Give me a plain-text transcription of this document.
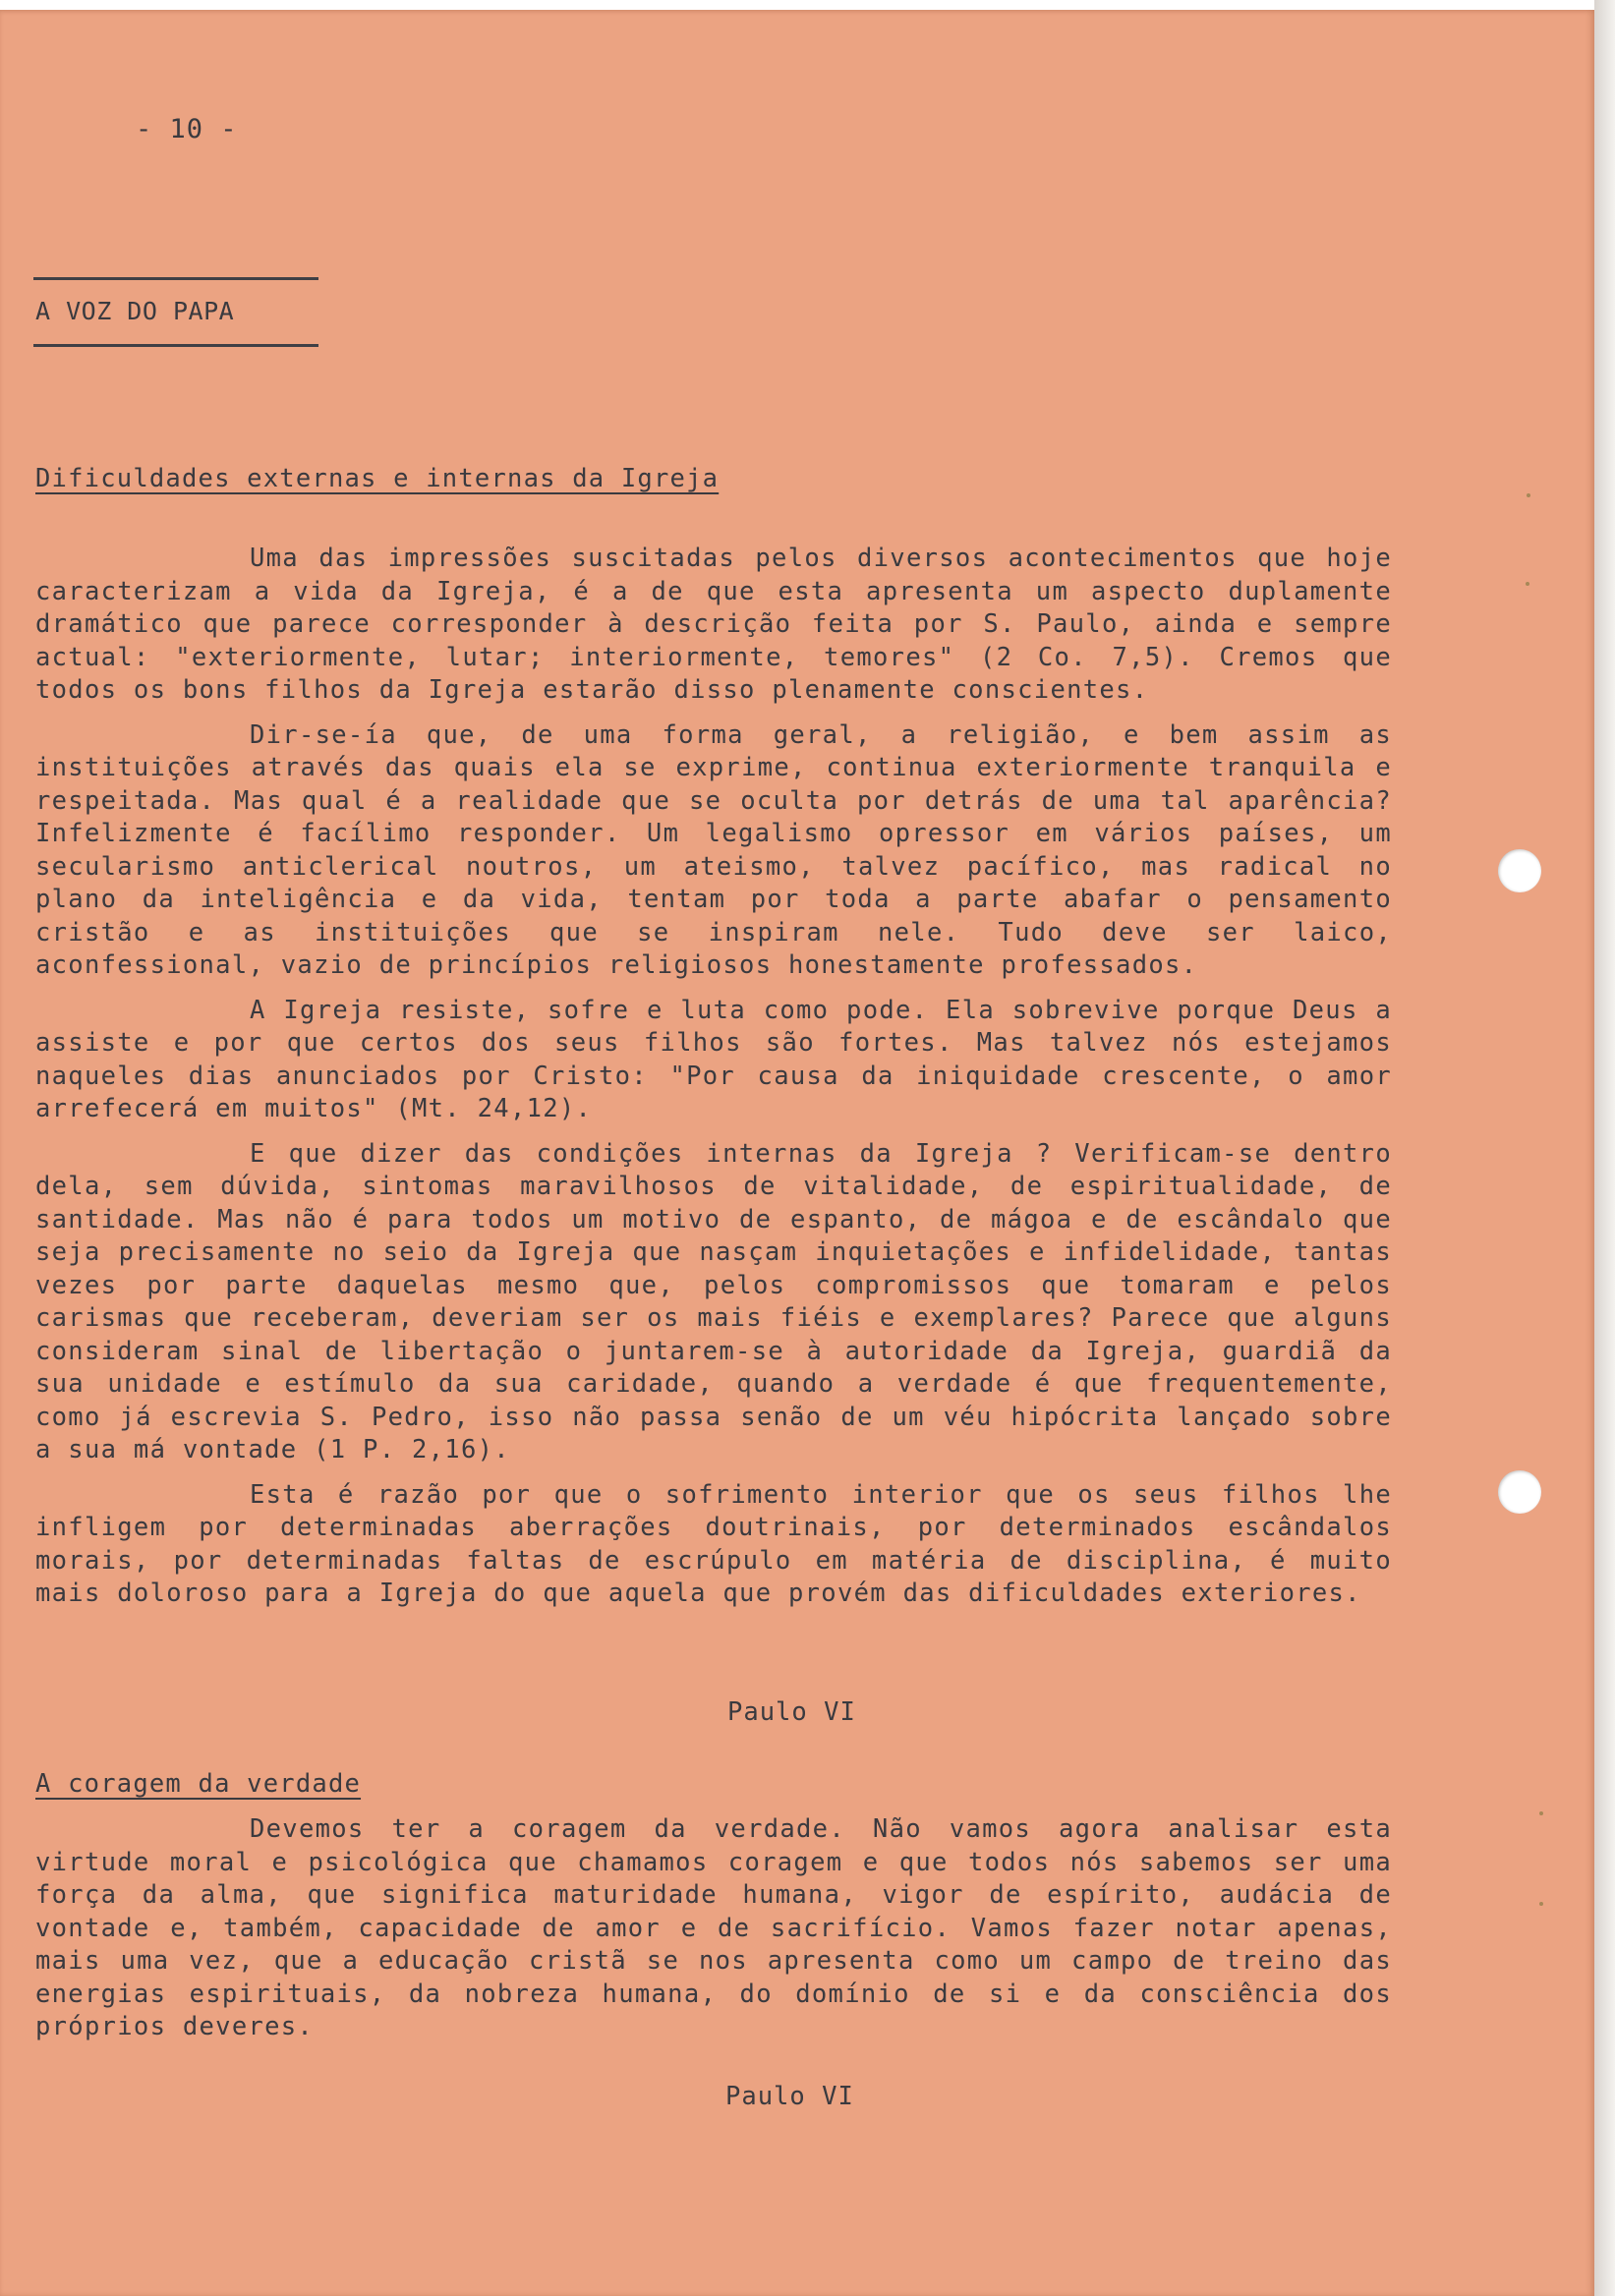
- 10 -
A VOZ DO PAPA
Dificuldades externas e internas da Igreja

Uma das impressões suscitadas pelos diversos acontecimentos que hoje caracterizam a vida da Igreja, é a de que esta apresenta um aspecto duplamente dramático que parece corresponder à descrição feita por S. Paulo, ainda e sempre actual: "exteriormente, lutar; interiormente, temores" (2 Co. 7,5). Cremos que todos os bons filhos da Igreja estarão disso plenamente conscientes.

Dir-se-ía que, de uma forma geral, a religião, e bem assim as instituições através das quais ela se exprime, continua exteriormente tranquila e respeitada. Mas qual é a realidade que se oculta por detrás de uma tal aparência? Infelizmente é facílimo responder. Um legalismo opressor em vários países, um secularismo anticlerical noutros, um ateismo, talvez pacífico, mas radical no plano da inteligência e da vida, tentam por toda a parte abafar o pensamento cristão e as instituições que se inspiram nele. Tudo deve ser laico, aconfessional, vazio de princípios religiosos honestamente professados.

A Igreja resiste, sofre e luta como pode. Ela sobrevive porque Deus a assiste e por que certos dos seus filhos são fortes. Mas talvez nós estejamos naqueles dias anunciados por Cristo: "Por causa da iniquidade crescente, o amor arrefecerá em muitos" (Mt. 24,12).

E que dizer das condições internas da Igreja ? Verificam-se dentro dela, sem dúvida, sintomas maravilhosos de vitalidade, de espiritualidade, de santidade. Mas não é para todos um motivo de espanto, de mágoa e de escândalo que seja precisamente no seio da Igreja que nasçam inquietações e infidelidade, tantas vezes por parte daquelas mesmo que, pelos compromissos que tomaram e pelos carismas que receberam, deveriam ser os mais fiéis e exemplares? Parece que alguns consideram sinal de libertação o juntarem-se à autoridade da Igreja, guardiã da sua unidade e estímulo da sua caridade, quando a verdade é que frequentemente, como já escrevia S. Pedro, isso não passa senão de um véu hipócrita lançado sobre a sua má vontade (1 P. 2,16).

Esta é razão por que o sofrimento interior que os seus filhos lhe infligem por determinadas aberrações doutrinais, por determinados escândalos morais, por determinadas faltas de escrúpulo em matéria de disciplina, é muito mais doloroso para a Igreja do que aquela que provém das dificuldades exteriores.

Paulo VI
A coragem da verdade

Devemos ter a coragem da verdade. Não vamos agora analisar esta virtude moral e psicológica que chamamos coragem e que todos nós sabemos ser uma força da alma, que significa maturidade humana, vigor de espírito, audácia de vontade e, também, capacidade de amor e de sacrifício. Vamos fazer notar apenas, mais uma vez, que a educação cristã se nos apresenta como um campo de treino das energias espirituais, da nobreza humana, do domínio de si e da consciência dos próprios deveres.

Paulo VI
